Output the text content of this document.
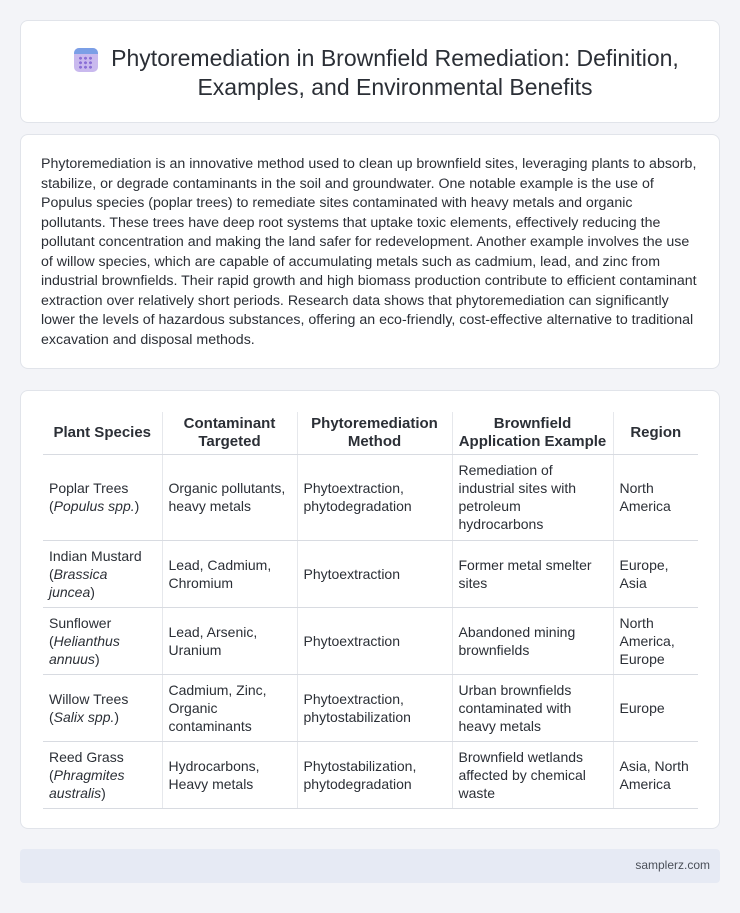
Phytoremediation in Brownfield Remediation: Definition, Examples, and Environmental Benefits

Phytoremediation is an innovative method used to clean up brownfield sites, leveraging plants to absorb, stabilize, or degrade contaminants in the soil and groundwater. One notable example is the use of Populus species (poplar trees) to remediate sites contaminated with heavy metals and organic pollutants. These trees have deep root systems that uptake toxic elements, effectively reducing the pollutant concentration and making the land safer for redevelopment. Another example involves the use of willow species, which are capable of accumulating metals such as cadmium, lead, and zinc from industrial brownfields. Their rapid growth and high biomass production contribute to efficient contaminant extraction over relatively short periods. Research data shows that phytoremediation can significantly lower the levels of hazardous substances, offering an eco-friendly, cost-effective alternative to traditional excavation and disposal methods.

Plant Species	Contaminant Targeted	Phytoremediation Method	Brownfield Application Example	Region
Poplar Trees (Populus spp.)	Organic pollutants, heavy metals	Phytoextraction, phytodegradation	Remediation of industrial sites with petroleum hydrocarbons	North America
Indian Mustard (Brassica juncea)	Lead, Cadmium, Chromium	Phytoextraction	Former metal smelter sites	Europe, Asia
Sunflower (Helianthus annuus)	Lead, Arsenic, Uranium	Phytoextraction	Abandoned mining brownfields	North America, Europe
Willow Trees (Salix spp.)	Cadmium, Zinc, Organic contaminants	Phytoextraction, phytostabilization	Urban brownfields contaminated with heavy metals	Europe
Reed Grass (Phragmites australis)	Hydrocarbons, Heavy metals	Phytostabilization, phytodegradation	Brownfield wetlands affected by chemical waste	Asia, North America
samplerz.com
